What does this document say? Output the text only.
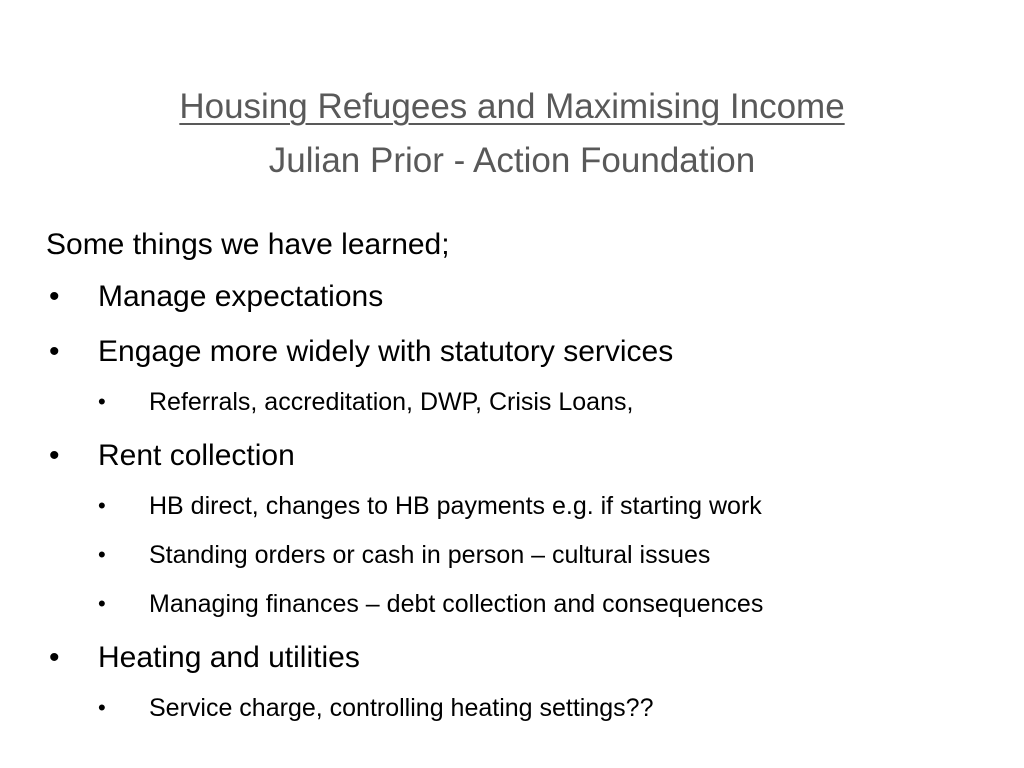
Housing Refugees and Maximising Income
Julian Prior - Action Foundation
Some things we have learned;
• Manage expectations
• Engage more widely with statutory services
• Referrals, accreditation, DWP, Crisis Loans,
• Rent collection
• HB direct, changes to HB payments e.g. if starting work
• Standing orders or cash in person – cultural issues
• Managing finances – debt collection and consequences
• Heating and utilities
• Service charge, controlling heating settings??
